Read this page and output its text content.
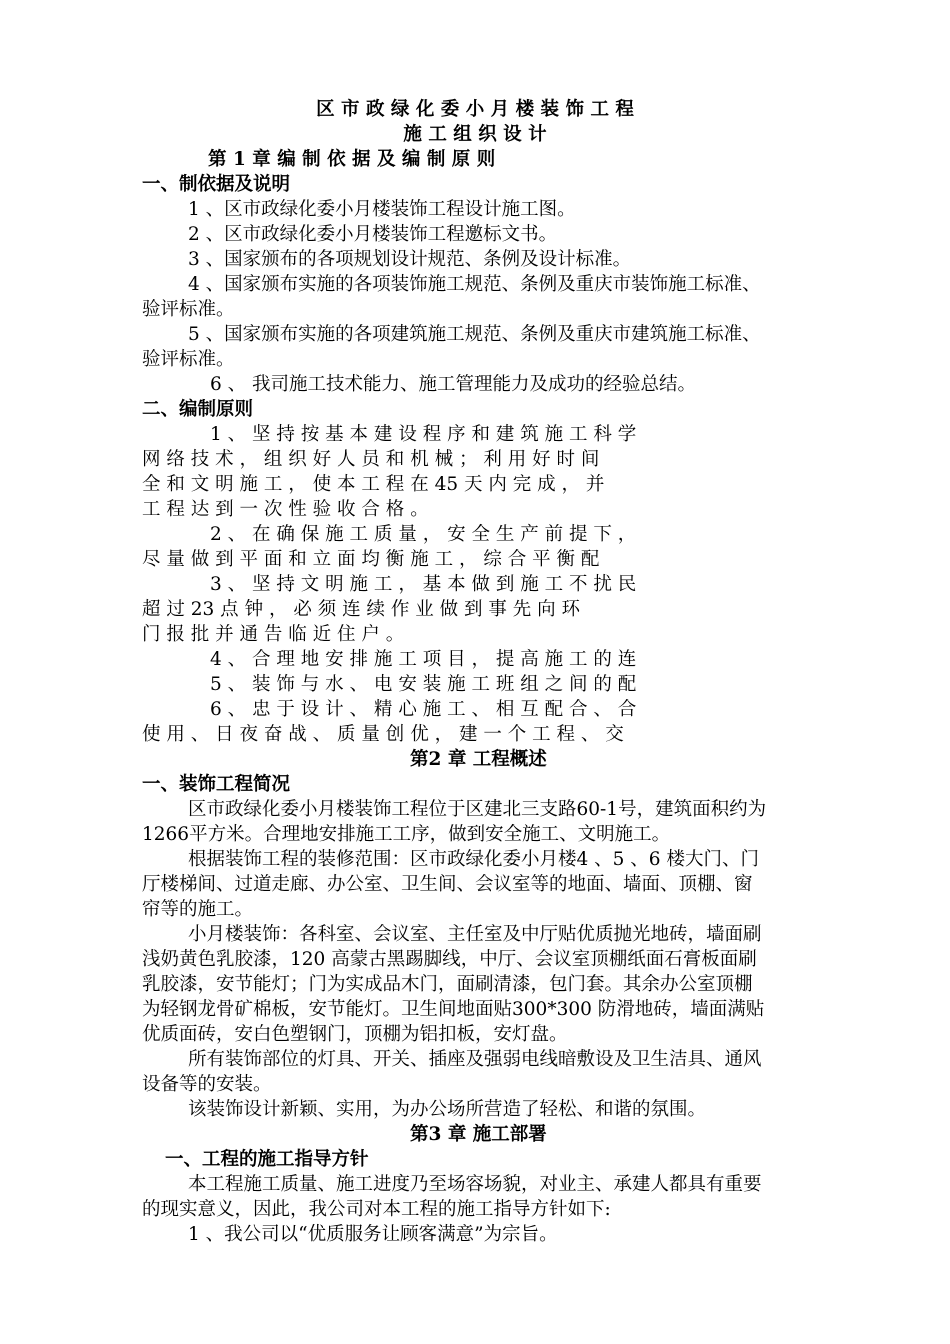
区 市 政 绿 化 委 小 月 楼 装 饰 工 程
施 工 组 织 设 计
第 1 章 编 制 依 据 及 编 制 原 则
一、制依据及说明
1 、区市政绿化委小月楼装饰工程设计施工图。
2 、区市政绿化委小月楼装饰工程邀标文书。
3 、国家颁布的各项规划设计规范、条例及设计标准。
4 、国家颁布实施的各项装饰施工规范、条例及重庆市装饰施工标准、
验评标准。
5 、国家颁布实施的各项建筑施工规范、条例及重庆市建筑施工标准、
验评标准。
6 、 我司施工技术能力、施工管理能力及成功的经验总结。
二、编制原则
1 、 坚 持 按 基 本 建 设 程 序 和 建 筑 施 工 科 学
网 络 技 术 ， 组 织 好 人 员 和 机 械 ； 利 用 好 时 间
全 和 文 明 施 工 ， 使 本 工 程 在 45 天 内 完 成 ， 并
工 程 达 到 一 次 性 验 收 合 格 。
2 、 在 确 保 施 工 质 量 ， 安 全 生 产 前 提 下 ，
尽 量 做 到 平 面 和 立 面 均 衡 施 工 ， 综 合 平 衡 配
3 、 坚 持 文 明 施 工 ， 基 本 做 到 施 工 不 扰 民
超 过 23 点 钟 ， 必 须 连 续 作 业 做 到 事 先 向 环
门 报 批 并 通 告 临 近 住 户 。
4 、 合 理 地 安 排 施 工 项 目 ， 提 高 施 工 的 连
5 、 装 饰 与 水 、 电 安 装 施 工 班 组 之 间 的 配
6 、 忠 于 设 计 、 精 心 施 工 、 相 互 配 合 、 合
使 用 、 日 夜 奋 战 、 质 量 创 优 ， 建 一 个 工 程 、 交
第2 章 工程概述
一、装饰工程简况
区市政绿化委小月楼装饰工程位于区建北三支路60-1号，建筑面积约为
1266平方米。合理地安排施工工序，做到安全施工、文明施工。
根据装饰工程的装修范围：区市政绿化委小月楼4 、5 、6 楼大门、门
厅楼梯间、过道走廊、办公室、卫生间、会议室等的地面、墙面、顶棚、窗
帘等的施工。
小月楼装饰：各科室、会议室、主任室及中厅贴优质抛光地砖，墙面刷
浅奶黄色乳胶漆，120 高蒙古黑踢脚线，中厅、会议室顶棚纸面石膏板面刷
乳胶漆，安节能灯；门为实成品木门，面刷清漆，包门套。其余办公室顶棚
为轻钢龙骨矿棉板，安节能灯。卫生间地面贴300*300 防滑地砖，墙面满贴
优质面砖，安白色塑钢门，顶棚为铝扣板，安灯盘。
所有装饰部位的灯具、开关、插座及强弱电线暗敷设及卫生洁具、通风
设备等的安装。
该装饰设计新颖、实用，为办公场所营造了轻松、和谐的氛围。
第3 章 施工部署
一、工程的施工指导方针
本工程施工质量、施工进度乃至场容场貌，对业主、承建人都具有重要
的现实意义，因此，我公司对本工程的施工指导方针如下:
1 、我公司以“优质服务让顾客满意”为宗旨。
